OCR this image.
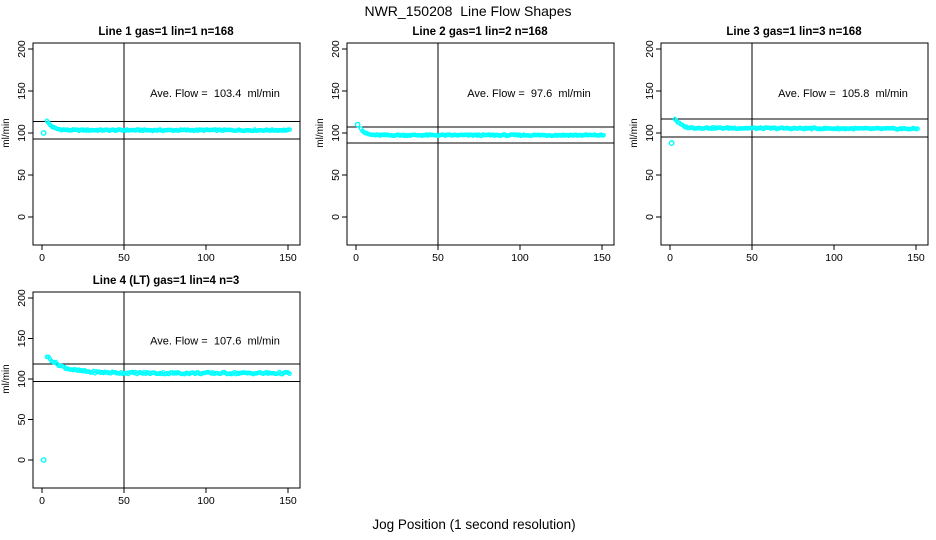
NWR_150208  Line Flow Shapes
Jog Position (1 second resolution)
Line 1 gas=1 lin=1 n=168
0	50	100	150
0
50
100
150
200
ml/min
Ave. Flow =  103.4  ml/min
Line 2 gas=1 lin=2 n=168
0	50	100	150
0
50
100
150
200
ml/min
Ave. Flow =  97.6  ml/min
Line 3 gas=1 lin=3 n=168
0	50	100	150
0
50
100
150
200
ml/min
Ave. Flow =  105.8  ml/min
Line 4 (LT) gas=1 lin=4 n=3
0	50	100	150
0
50
100
150
200
ml/min
Ave. Flow =  107.6  ml/min
